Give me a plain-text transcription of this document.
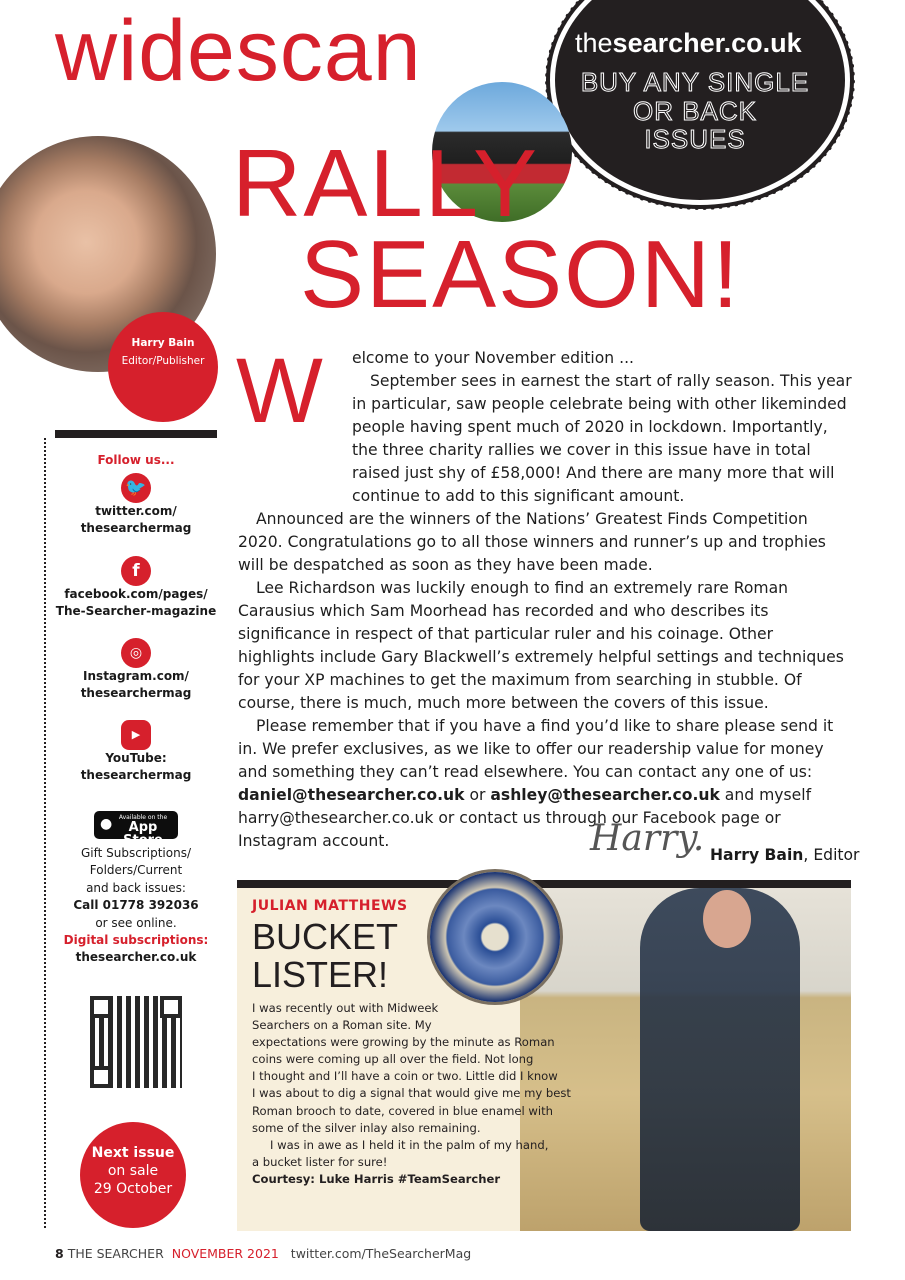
widescan	thesearcher.co.uk
BUY ANY SINGLE
OR BACK
ISSUES
RALLY
SEASON!
Harry Bain
Editor/Publisher
Follow us...
🐦
twitter.com/
thesearchermag
f
facebook.com/pages/
The-Searcher-magazine
◎
Instagram.com/
thesearchermag
▶
YouTube:
thesearchermag
●	Available on the
App Store
Gift Subscriptions/
Folders/Current
and back issues:
Call 01778 392036
or see online.
Digital subscriptions:
thesearcher.co.uk
Next issue
on sale
29 October
W elcome to your November edition ...

September sees in earnest the start of rally season. This year in particular, saw people celebrate being with other likeminded people having spent much of 2020 in lockdown. Importantly, the three charity rallies we cover in this issue have in total raised just shy of £58,000! And there are many more that will continue to add to this significant amount.

Announced are the winners of the Nations’ Greatest Finds Competition 2020. Congratulations go to all those winners and runner’s up and trophies will be despatched as soon as they have been made.

Lee Richardson was luckily enough to find an extremely rare Roman Carausius which Sam Moorhead has recorded and who describes its significance in respect of that particular ruler and his coinage. Other highlights include Gary Blackwell’s extremely helpful settings and techniques for your XP machines to get the maximum from searching in stubble. Of course, there is much, much more between the covers of this issue.

Please remember that if you have a find you’d like to share please send it in. We prefer exclusives, as we like to offer our readership value for money and something they can’t read elsewhere. You can contact any one of us: daniel@thesearcher.co.uk or ashley@thesearcher.co.uk and myself harry@thesearcher.co.uk or contact us through our Facebook page or Instagram account.	Harry. Harry Bain, Editor
JULIAN MATTHEWS
BUCKET
LISTER!

I was recently out with Midweek

Searchers on a Roman site. My

expectations were growing by the minute as Roman

coins were coming up all over the field. Not long

I thought and I’ll have a coin or two. Little did I know

I was about to dig a signal that would give me my best

Roman brooch to date, covered in blue enamel with

some of the silver inlay also remaining.

I was in awe as I held it in the palm of my hand,

a bucket lister for sure!

Courtesy: Luke Harris #TeamSearcher

8 THE SEARCHER NOVEMBER 2021 twitter.com/TheSearcherMag
